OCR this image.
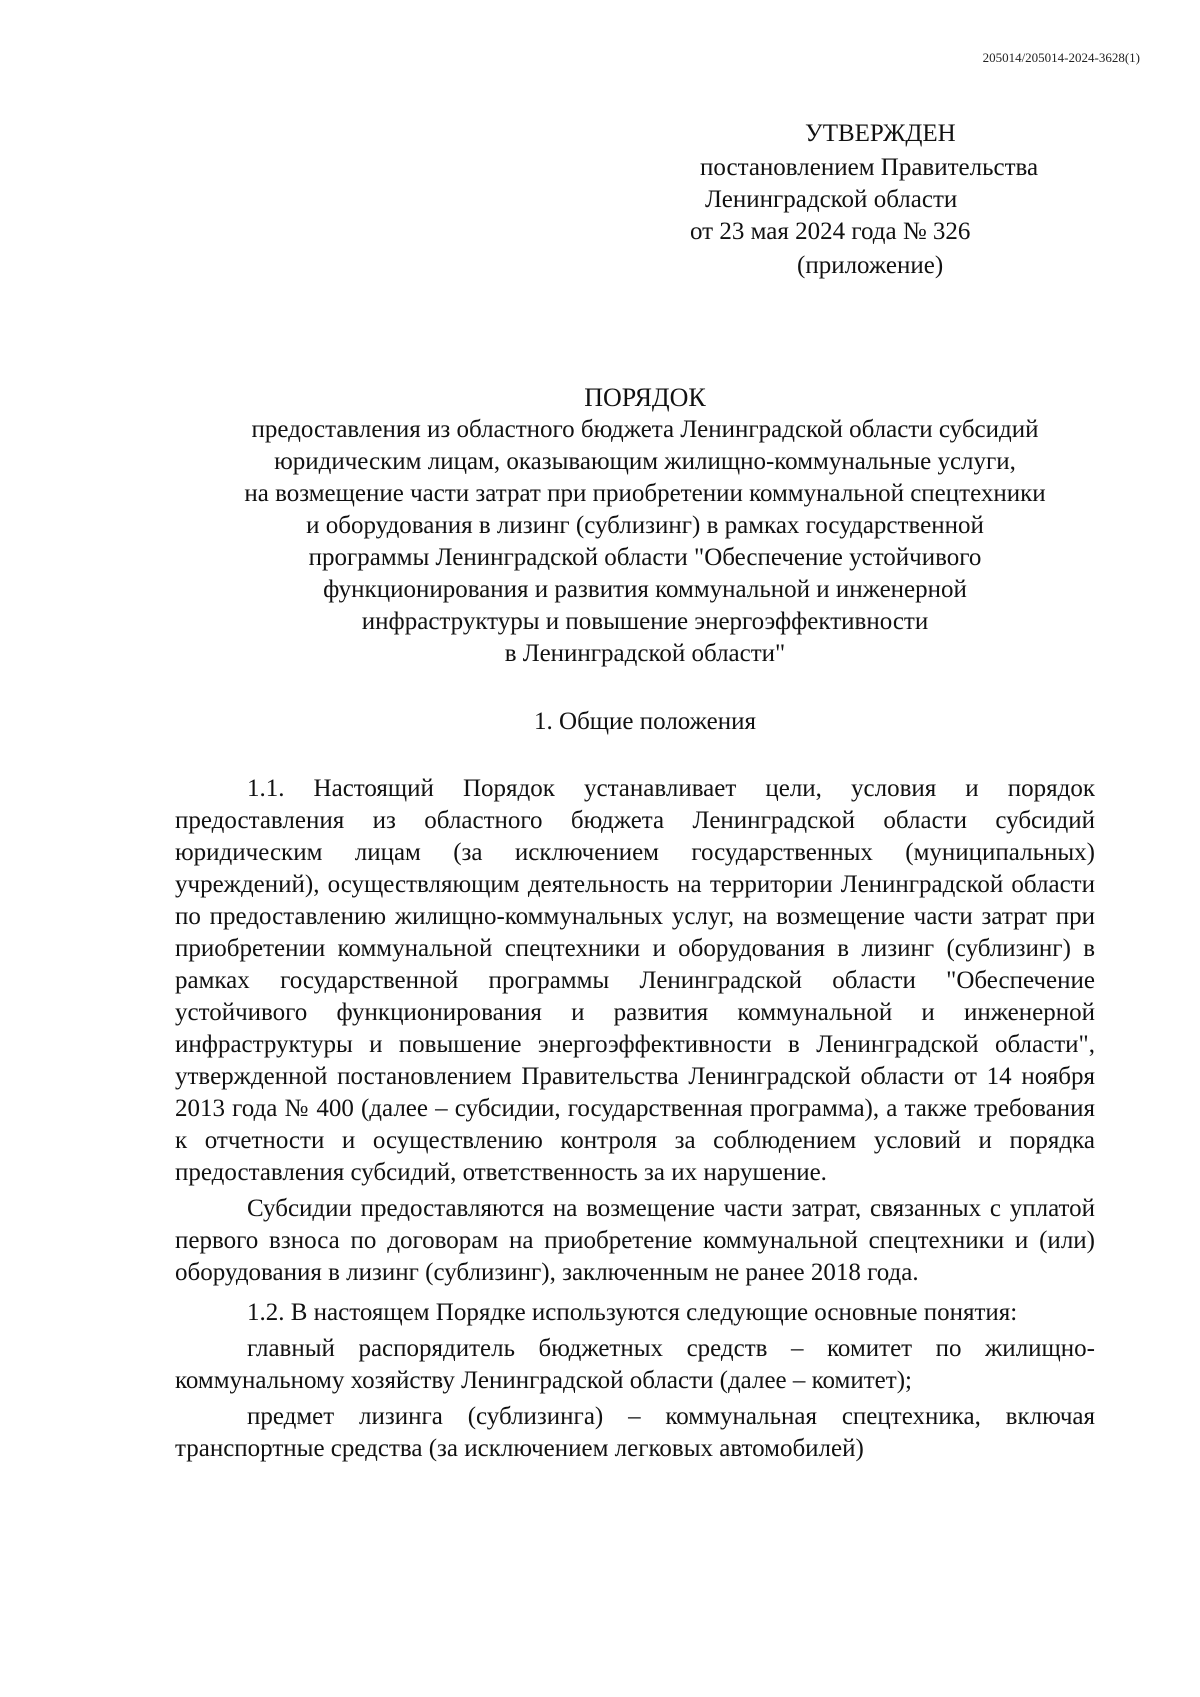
205014/205014-2024-3628(1)
УТВЕРЖДЕН
постановлением Правительства
Ленинградской области
от 23 мая 2024 года № 326
(приложение)
ПОРЯДОК
предоставления из областного бюджета Ленинградской области субсидий
юридическим лицам, оказывающим жилищно-коммунальные услуги,
на возмещение части затрат при приобретении коммунальной спецтехники
и оборудования в лизинг (сублизинг) в рамках государственной
программы Ленинградской области "Обеспечение устойчивого
функционирования и развития коммунальной и инженерной
инфраструктуры и повышение энергоэффективности
в Ленинградской области"
1. Общие положения

1.1. Настоящий Порядок устанавливает цели, условия и порядок предоставления из областного бюджета Ленинградской области субсидий юридическим лицам (за исключением государственных (муниципальных) учреждений), осуществляющим деятельность на территории Ленинградской области по предоставлению жилищно-коммунальных услуг, на возмещение части затрат при приобретении коммунальной спецтехники и оборудования в лизинг (сублизинг) в рамках государственной программы Ленинградской области "Обеспечение устойчивого функционирования и развития коммунальной и инженерной инфраструктуры и повышение энергоэффективности в Ленинградской области", утвержденной постановлением Правительства Ленинградской области от 14 ноября 2013 года № 400 (далее – субсидии, государственная программа), а также требования к отчетности и осуществлению контроля за соблюдением условий и порядка предоставления субсидий, ответственность за их нарушение.

Субсидии предоставляются на возмещение части затрат, связанных с уплатой первого взноса по договорам на приобретение коммунальной спецтехники и (или) оборудования в лизинг (сублизинг), заключенным не ранее 2018 года.

1.2. В настоящем Порядке используются следующие основные понятия:

главный распорядитель бюджетных средств – комитет по жилищно-коммунальному хозяйству Ленинградской области (далее – комитет);

предмет лизинга (сублизинга) – коммунальная спецтехника, включая транспортные средства (за исключением легковых автомобилей)
